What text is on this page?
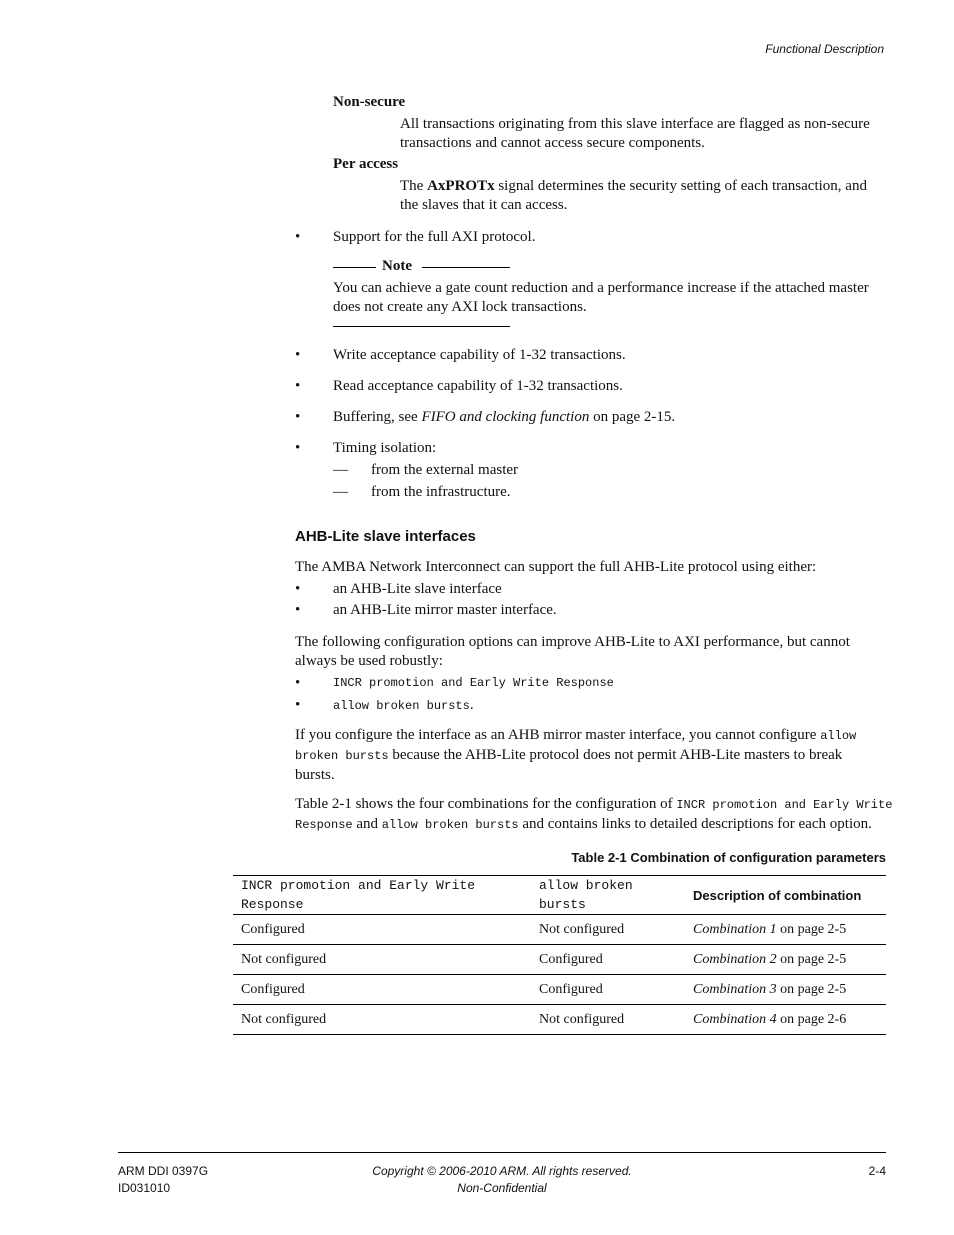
Functional Description
Non-secure
All transactions originating from this slave interface are flagged as non-secure
transactions and cannot access secure components.
Per access
The AxPROTx signal determines the security setting of each transaction, and
the slaves that it can access.
• Support for the full AXI protocol.
Note
You can achieve a gate count reduction and a performance increase if the attached master
does not create any AXI lock transactions.
• Write acceptance capability of 1-32 transactions.
• Read acceptance capability of 1-32 transactions.
• Buffering, see FIFO and clocking function on page 2-15.
• Timing isolation:
— from the external master
— from the infrastructure.
AHB-Lite slave interfaces
The AMBA Network Interconnect can support the full AHB-Lite protocol using either:
• an AHB-Lite slave interface
• an AHB-Lite mirror master interface.
The following configuration options can improve AHB-Lite to AXI performance, but cannot
always be used robustly:
•	INCR promotion and Early Write Response
•	allow broken bursts.
If you configure the interface as an AHB mirror master interface, you cannot configure allow
broken bursts because the AHB-Lite protocol does not permit AHB-Lite masters to break
bursts.
Table 2-1 shows the four combinations for the configuration of INCR promotion and Early Write
Response and allow broken bursts and contains links to detailed descriptions for each option.
Table 2-1 Combination of configuration parameters
INCR promotion and Early Write Response	allow broken bursts	Description of combination
Configured	Not configured	Combination 1 on page 2-5
Not configured	Configured	Combination 2 on page 2-5
Configured	Configured	Combination 3 on page 2-5
Not configured	Not configured	Combination 4 on page 2-6
ARM DDI 0397G
ID031010
Copyright © 2006-2010 ARM. All rights reserved.
Non-Confidential
2-4
